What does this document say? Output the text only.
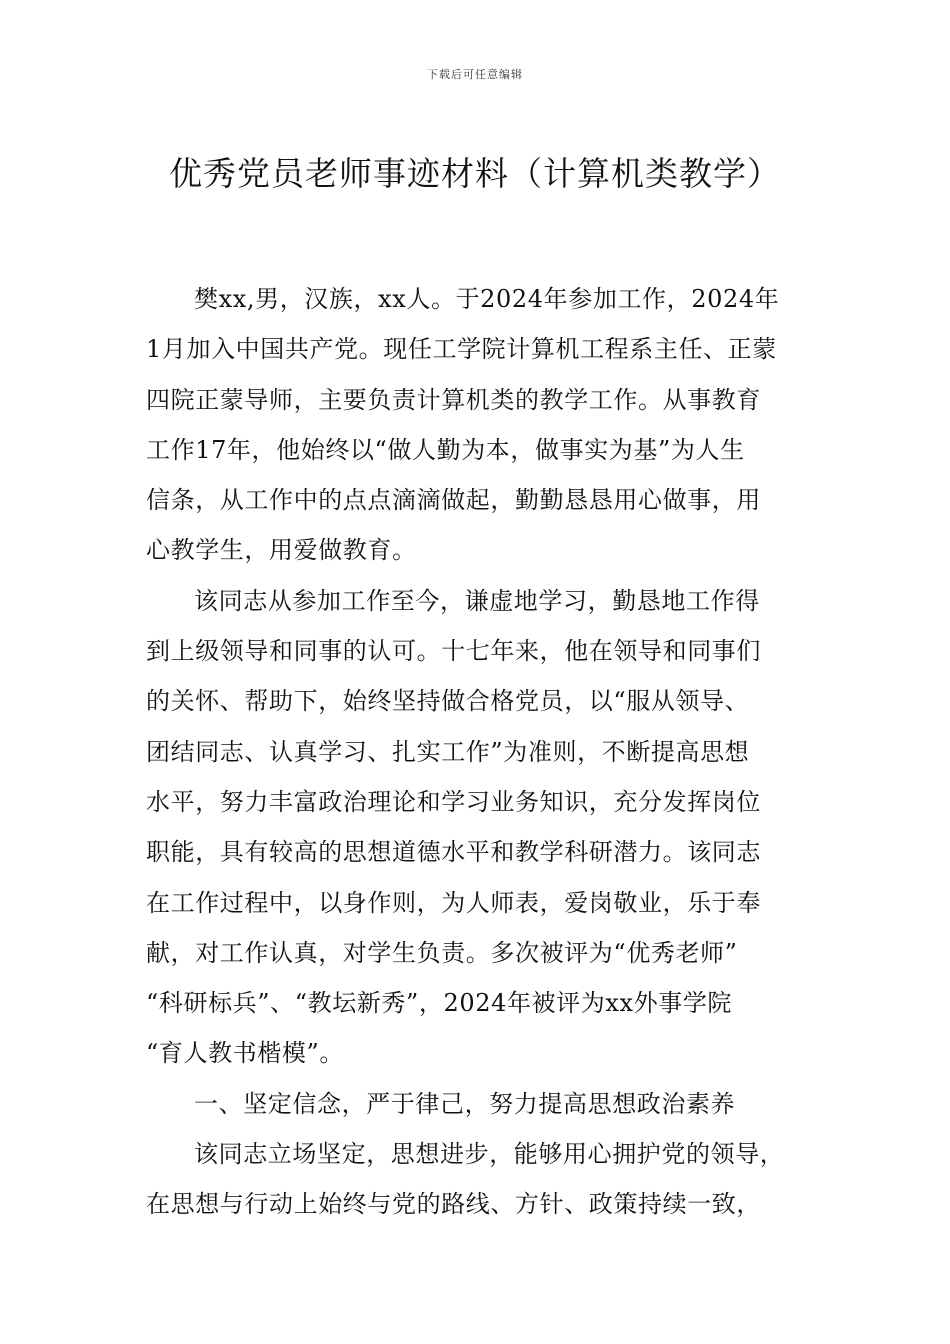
下载后可任意编辑
优秀党员老师事迹材料（计算机类教学）

樊xx,男，汉族，xx人。于2024年参加工作，2024年
1月加入中国共产党。现任工学院计算机工程系主任、正蒙
四院正蒙导师，主要负责计算机类的教学工作。从事教育
工作17年，他始终以“做人勤为本，做事实为基”为人生
信条，从工作中的点点滴滴做起，勤勤恳恳用心做事，用
心教学生，用爱做教育。

该同志从参加工作至今，谦虚地学习，勤恳地工作得
到上级领导和同事的认可。十七年来，他在领导和同事们
的关怀、帮助下，始终坚持做合格党员，以“服从领导、
团结同志、认真学习、扎实工作”为准则，不断提高思想
水平，努力丰富政治理论和学习业务知识，充分发挥岗位
职能，具有较高的思想道德水平和教学科研潜力。该同志
在工作过程中，以身作则，为人师表，爱岗敬业，乐于奉
献，对工作认真，对学生负责。多次被评为“优秀老师”
“科研标兵”、“教坛新秀”，2024年被评为xx外事学院
“育人教书楷模”。

一、坚定信念，严于律己，努力提高思想政治素养

该同志立场坚定，思想进步，能够用心拥护党的领导，
在思想与行动上始终与党的路线、方针、政策持续一致，
